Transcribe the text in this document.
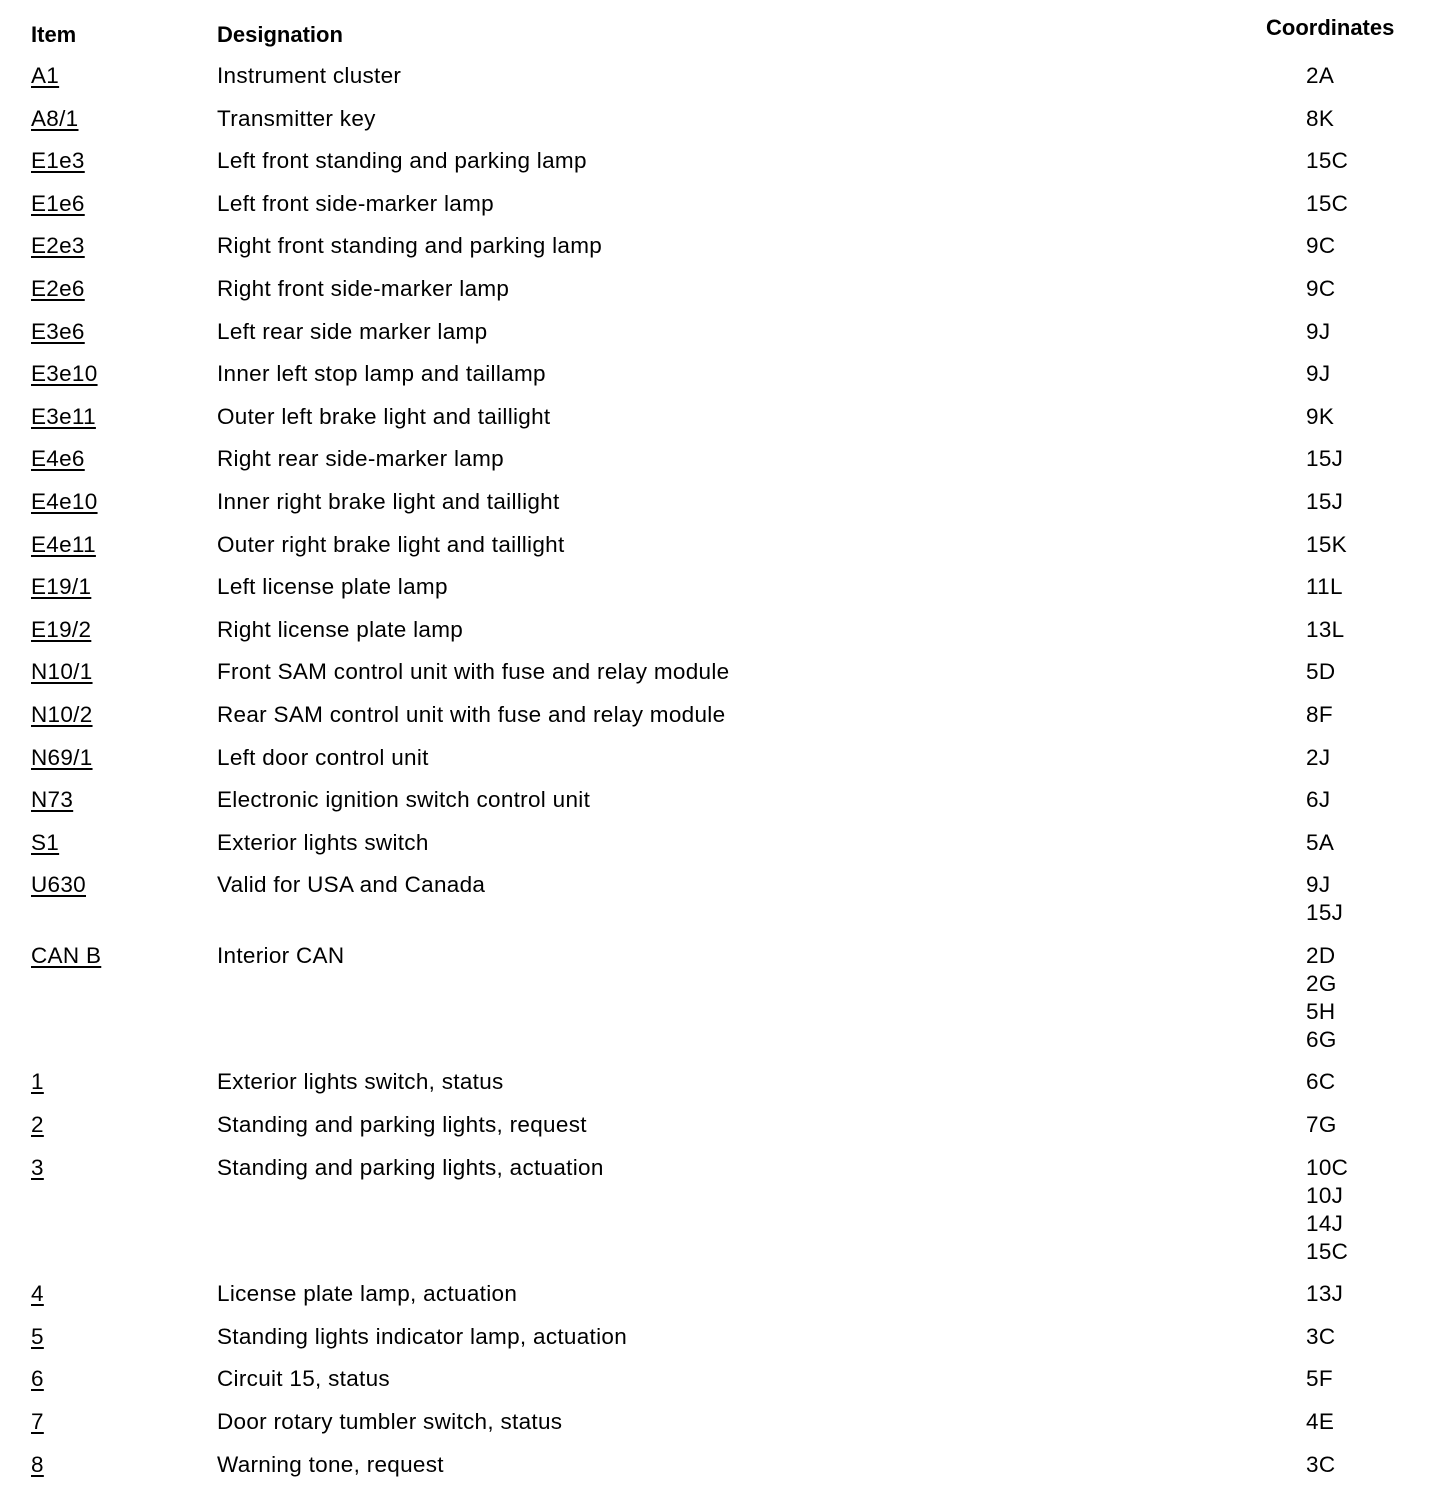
Item	Designation	Coordinates
A1	Instrument cluster	2A
A8/1	Transmitter key	8K
E1e3	Left front standing and parking lamp	15C
E1e6	Left front side-marker lamp	15C
E2e3	Right front standing and parking lamp	9C
E2e6	Right front side-marker lamp	9C
E3e6	Left rear side marker lamp	9J
E3e10	Inner left stop lamp and taillamp	9J
E3e11	Outer left brake light and taillight	9K
E4e6	Right rear side-marker lamp	15J
E4e10	Inner right brake light and taillight	15J
E4e11	Outer right brake light and taillight	15K
E19/1	Left license plate lamp	11L
E19/2	Right license plate lamp	13L
N10/1	Front SAM control unit with fuse and relay module	5D
N10/2	Rear SAM control unit with fuse and relay module	8F
N69/1	Left door control unit	2J
N73	Electronic ignition switch control unit	6J
S1	Exterior lights switch	5A
U630	Valid for USA and Canada	9J
15J
CAN B	Interior CAN	2D
2G
5H
6G
1	Exterior lights switch, status	6C
2	Standing and parking lights, request	7G
3	Standing and parking lights, actuation	10C
10J
14J
15C
4	License plate lamp, actuation	13J
5	Standing lights indicator lamp, actuation	3C
6	Circuit 15, status	5F
7	Door rotary tumbler switch, status	4E
8	Warning tone, request	3C
